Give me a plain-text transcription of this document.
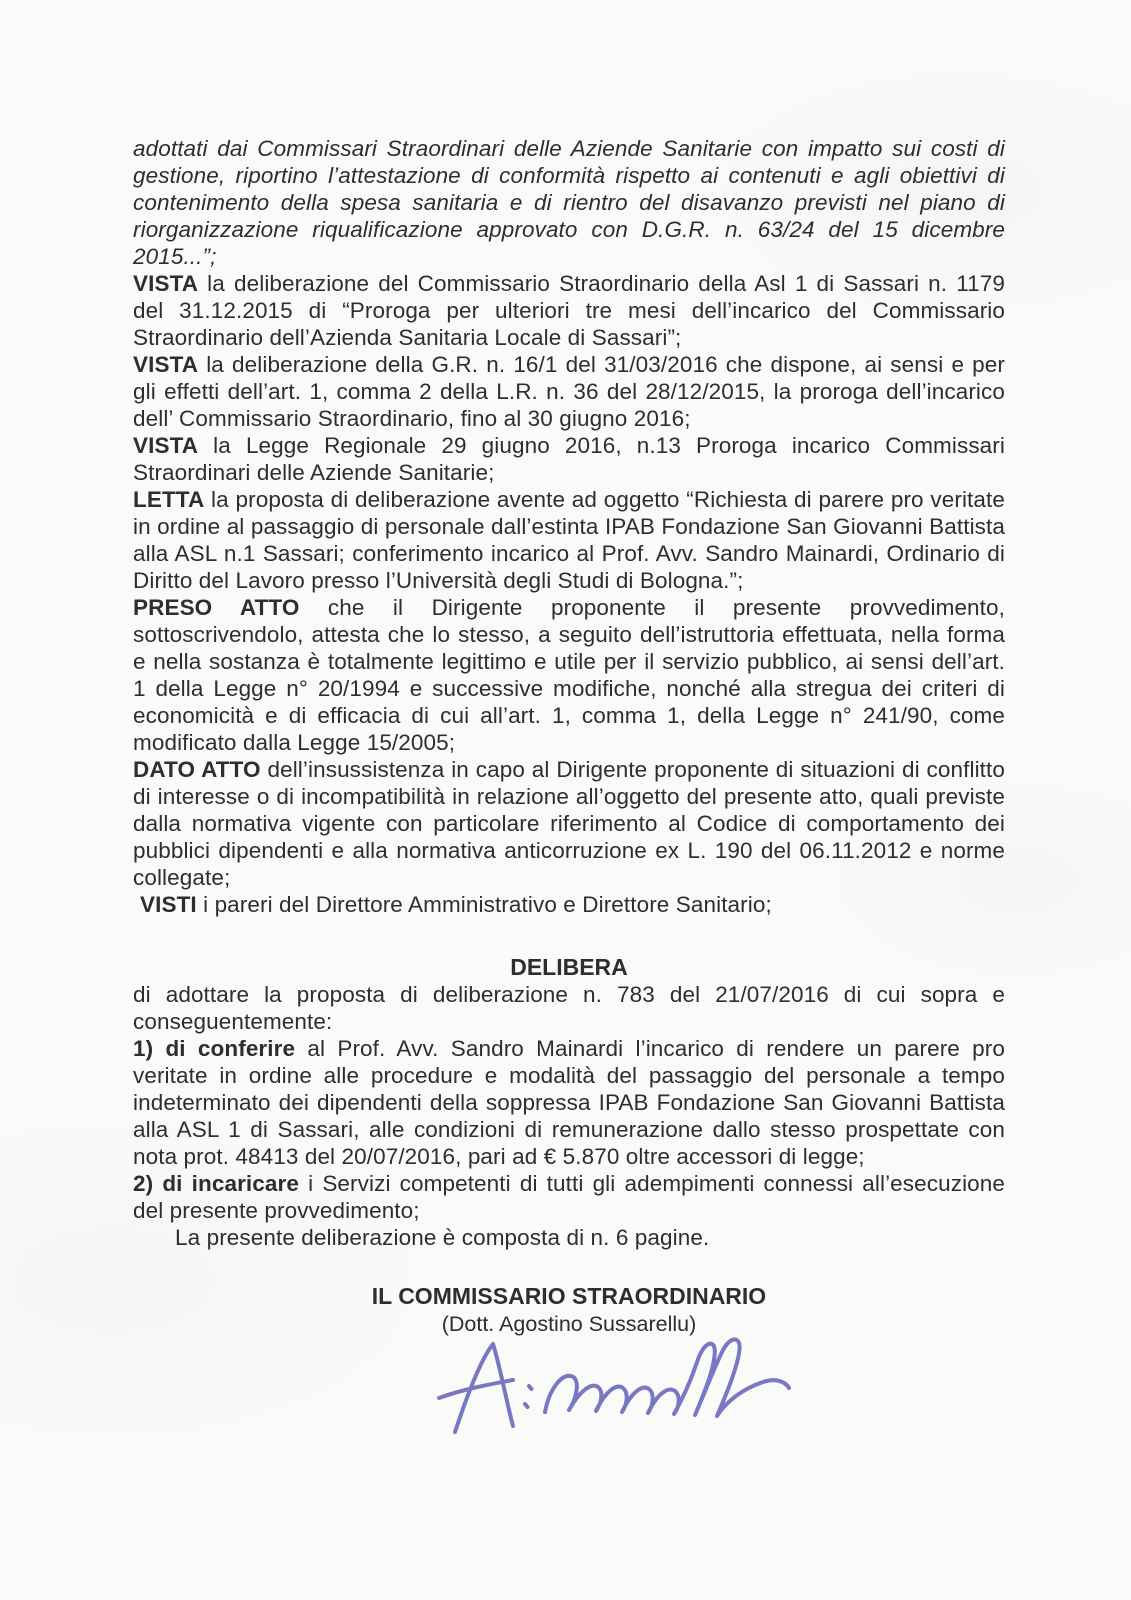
adottati dai Commissari Straordinari delle Aziende Sanitarie con impatto sui costi di gestione, riportino l’attestazione di conformità rispetto ai contenuti e agli obiettivi di contenimento della spesa sanitaria e di rientro del disavanzo previsti nel piano di riorganizzazione riqualificazione approvato con D.G.R. n. 63/24 del 15 dicembre 2015...”;

VISTA la deliberazione del Commissario Straordinario della Asl 1 di Sassari n. 1179 del 31.12.2015 di “Proroga per ulteriori tre mesi dell’incarico del Commissario Straordinario dell’Azienda Sanitaria Locale di Sassari”;

VISTA la deliberazione della G.R. n. 16/1 del 31/03/2016 che dispone, ai sensi e per gli effetti dell’art. 1, comma 2 della L.R. n. 36 del 28/12/2015, la proroga dell’incarico dell’ Commissario Straordinario, fino al 30 giugno 2016;

VISTA la Legge Regionale 29 giugno 2016, n.13 Proroga incarico Commissari Straordinari delle Aziende Sanitarie;

LETTA la proposta di deliberazione avente ad oggetto “Richiesta di parere pro veritate in ordine al passaggio di personale dall’estinta IPAB Fondazione San Giovanni Battista alla ASL n.1 Sassari; conferimento incarico al Prof. Avv. Sandro Mainardi, Ordinario di Diritto del Lavoro presso l’Università degli Studi di Bologna.”;

PRESO ATTO che il Dirigente proponente il presente provvedimento, sottoscrivendolo, attesta che lo stesso, a seguito dell’istruttoria effettuata, nella forma e nella sostanza è totalmente legittimo e utile per il servizio pubblico, ai sensi dell’art. 1 della Legge n° 20/1994 e successive modifiche, nonché alla stregua dei criteri di economicità e di efficacia di cui all’art. 1, comma 1, della Legge n° 241/90, come modificato dalla Legge 15/2005;

DATO ATTO dell’insussistenza in capo al Dirigente proponente di situazioni di conflitto di interesse o di incompatibilità in relazione all’oggetto del presente atto, quali previste dalla normativa vigente con particolare riferimento al Codice di comportamento dei pubblici dipendenti e alla normativa anticorruzione ex L. 190 del 06.11.2012 e norme collegate;

VISTI i pareri del Direttore Amministrativo e Direttore Sanitario;

DELIBERA

di adottare la proposta di deliberazione n. 783 del 21/07/2016 di cui sopra e conseguentemente:

1) di conferire al Prof. Avv. Sandro Mainardi l’incarico di rendere un parere pro veritate in ordine alle procedure e modalità del passaggio del personale a tempo indeterminato dei dipendenti della soppressa IPAB Fondazione San Giovanni Battista alla ASL 1 di Sassari, alle condizioni di remunerazione dallo stesso prospettate con nota prot. 48413 del 20/07/2016, pari ad € 5.870 oltre accessori di legge;

2) di incaricare i Servizi competenti di tutti gli adempimenti connessi all’esecuzione del presente provvedimento;

La presente deliberazione è composta di n. 6 pagine.

IL COMMISSARIO STRAORDINARIO

(Dott. Agostino Sussarellu)
